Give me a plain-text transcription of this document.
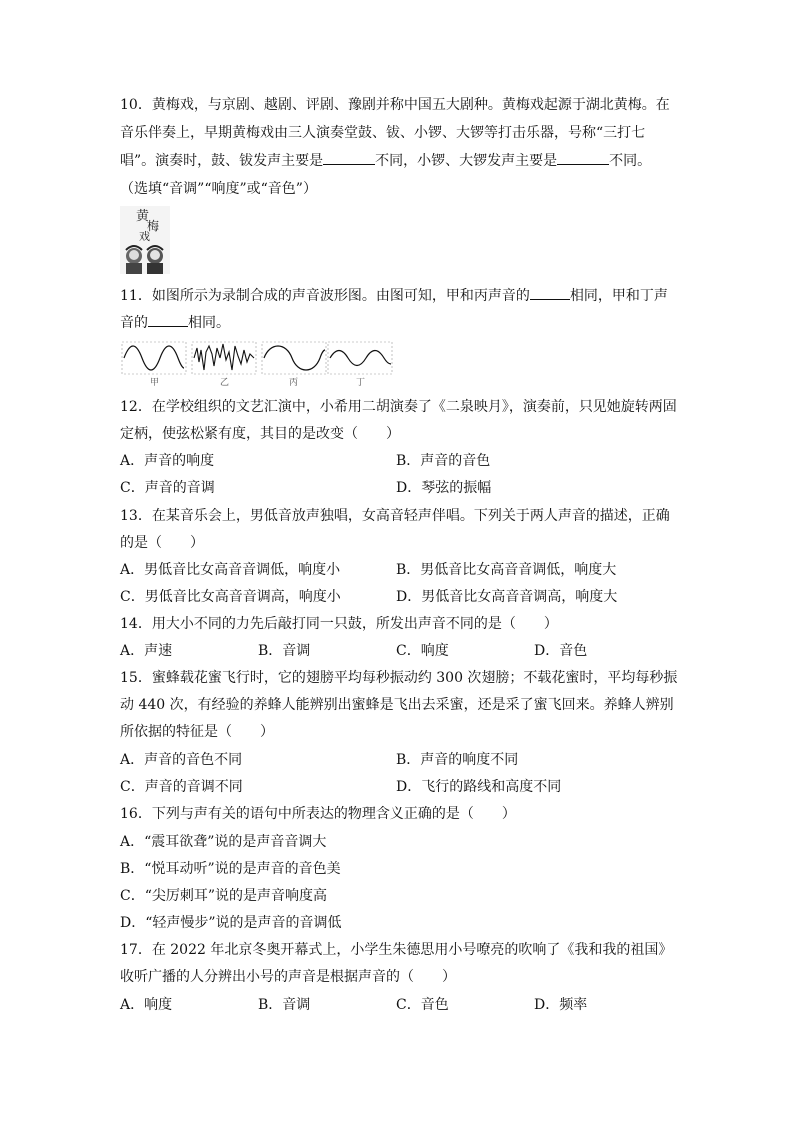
10．黄梅戏，与京剧、越剧、评剧、豫剧并称中国五大剧种。黄梅戏起源于湖北黄梅。在
音乐伴奏上，早期黄梅戏由三人演奏堂鼓、钹、小锣、大锣等打击乐器，号称“三打七
唱”。演奏时，鼓、钹发声主要是	不同，小锣、大锣发声主要是	不同。
（选填“音调”“响度”或“音色”）
黄
梅
戏
11．如图所示为录制合成的声音波形图。由图可知，甲和丙声音的	相同，甲和丁声
音的	相同。
甲	乙	丙	丁
12．在学校组织的文艺汇演中，小希用二胡演奏了《二泉映月》，演奏前，只见她旋转两固
定柄，使弦松紧有度，其目的是改变（　　）
A．声音的响度	B．声音的音色
C．声音的音调	D．琴弦的振幅
13．在某音乐会上，男低音放声独唱，女高音轻声伴唱。下列关于两人声音的描述，正确
的是（　　）
A．男低音比女高音音调低，响度小	B．男低音比女高音音调低，响度大
C．男低音比女高音音调高，响度小	D．男低音比女高音音调高，响度大
14．用大小不同的力先后敲打同一只鼓，所发出声音不同的是（　　）
A．声速	B．音调	C．响度	D．音色
15．蜜蜂载花蜜飞行时，它的翅膀平均每秒振动约 300 次翅膀；不载花蜜时，平均每秒振
动 440 次，有经验的养蜂人能辨别出蜜蜂是飞出去采蜜，还是采了蜜飞回来。养蜂人辨别
所依据的特征是（　　）
A．声音的音色不同	B．声音的响度不同
C．声音的音调不同	D．飞行的路线和高度不同
16．下列与声有关的语句中所表达的物理含义正确的是（　　）
A．“震耳欲聋”说的是声音音调大
B．“悦耳动听”说的是声音的音色美
C．“尖厉刺耳”说的是声音响度高
D．“轻声慢步”说的是声音的音调低
17．在 2022 年北京冬奥开幕式上，小学生朱德思用小号嘹亮的吹响了《我和我的祖国》
收听广播的人分辨出小号的声音是根据声音的（　　）
A．响度	B．音调	C．音色	D．频率
